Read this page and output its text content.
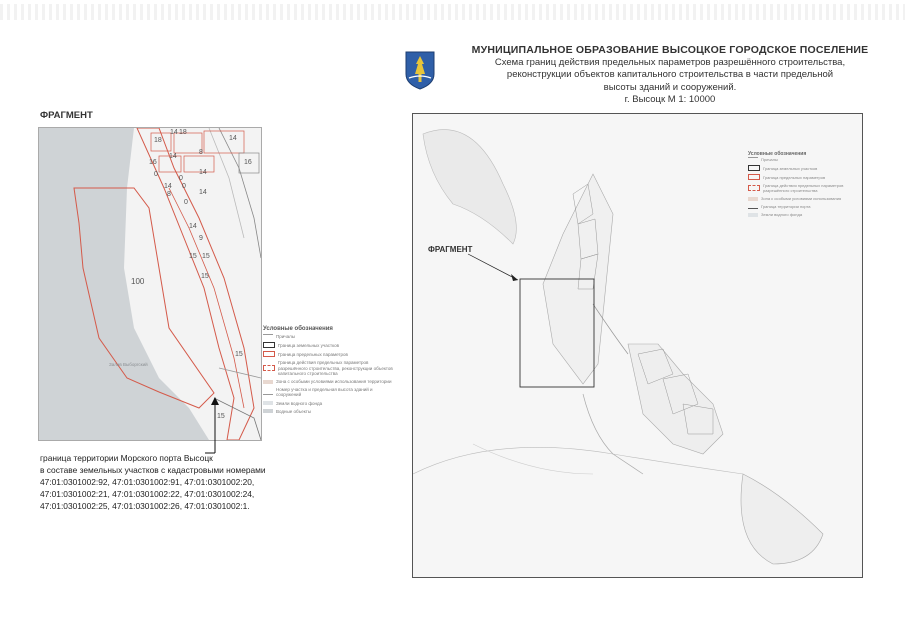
МУНИЦИПАЛЬНОЕ ОБРАЗОВАНИЕ ВЫСОЦКОЕ ГОРОДСКОЕ ПОСЕЛЕНИЕ
Схема границ действия предельных параметров разрешённого строительства,
реконструкции объектов капитального строительства в части предельной
высоты зданий и сооружений.
г. Высоцк М 1: 10000
ФРАГМЕНТ
14
18
18
14
16
8
14
16
0
0
14
14 0
8	14
0
14
9
15 15
15
15
100
15
Залив Выборгский
Условные обозначения
Причалы
Граница земельных участков
Граница предельных параметров
Граница действия предельных параметров разрешённого строительства, реконструкции объектов капитального строительства
Зона с особыми условиями использования территории
Номер участка и предельная высота зданий и сооружений
Земли водного фонда
Водные объекты
граница территории Морского порта Высоцк
в составе земельных участков с кадастровыми номерами
47:01:0301002:92, 47:01:0301002:91, 47:01:0301002:20,
47:01:0301002:21, 47:01:0301002:22, 47:01:0301002:24,
47:01:0301002:25, 47:01:0301002:26, 47:01:0301002:1.
ФРАГМЕНТ
Условные обозначения
Причалы
Граница земельных участков
Граница предельных параметров
Граница действия предельных параметров разрешённого строительства
Зона с особыми условиями использования
Граница территории порта
Земли водного фонда
